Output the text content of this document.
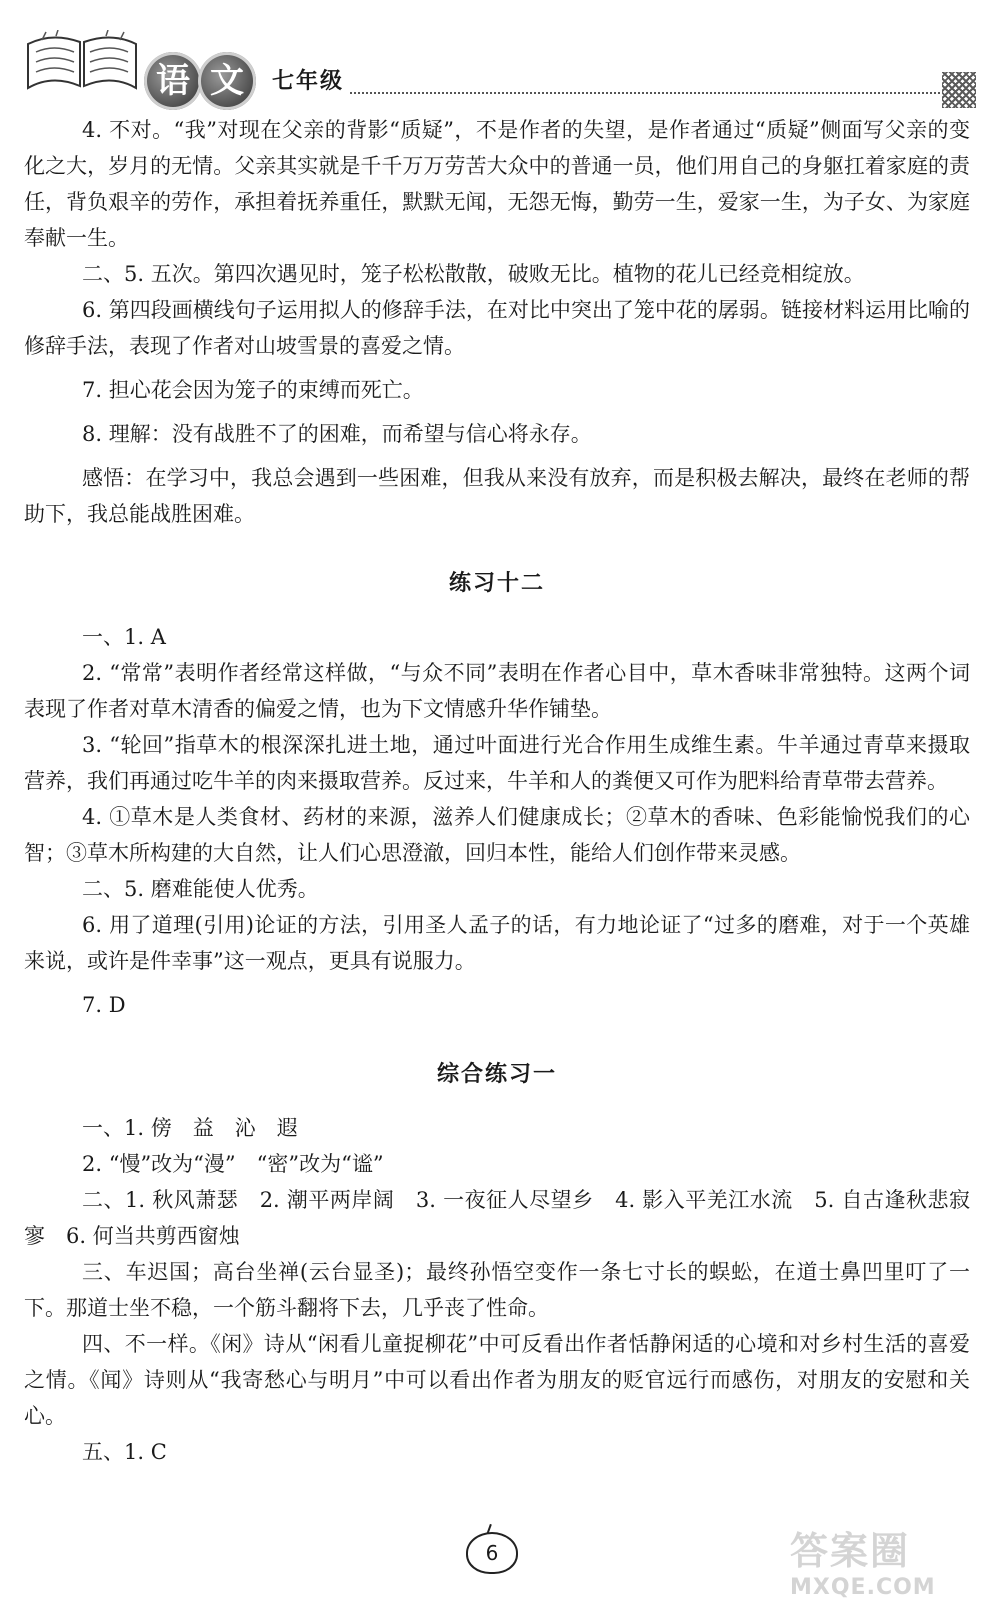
语 文	七年级

4. 不对。“我”对现在父亲的背影“质疑”，不是作者的失望，是作者通过“质疑”侧面写父亲的变化之大，岁月的无情。父亲其实就是千千万万劳苦大众中的普通一员，他们用自己的身躯扛着家庭的责任，背负艰辛的劳作，承担着抚养重任，默默无闻，无怨无悔，勤劳一生，爱家一生，为子女、为家庭奉献一生。

二、5. 五次。第四次遇见时，笼子松松散散，破败无比。植物的花儿已经竞相绽放。

6. 第四段画横线句子运用拟人的修辞手法，在对比中突出了笼中花的孱弱。链接材料运用比喻的修辞手法，表现了作者对山坡雪景的喜爱之情。

7. 担心花会因为笼子的束缚而死亡。

8. 理解：没有战胜不了的困难，而希望与信心将永存。

感悟：在学习中，我总会遇到一些困难，但我从来没有放弃，而是积极去解决，最终在老师的帮助下，我总能战胜困难。

练习十二

一、1. A

2. “常常”表明作者经常这样做，“与众不同”表明在作者心目中，草木香味非常独特。这两个词表现了作者对草木清香的偏爱之情，也为下文情感升华作铺垫。

3. “轮回”指草木的根深深扎进土地，通过叶面进行光合作用生成维生素。牛羊通过青草来摄取营养，我们再通过吃牛羊的肉来摄取营养。反过来，牛羊和人的粪便又可作为肥料给青草带去营养。

4. ①草木是人类食材、药材的来源，滋养人们健康成长；②草木的香味、色彩能愉悦我们的心智；③草木所构建的大自然，让人们心思澄澈，回归本性，能给人们创作带来灵感。

二、5. 磨难能使人优秀。

6. 用了道理(引用)论证的方法，引用圣人孟子的话，有力地论证了“过多的磨难，对于一个英雄来说，或许是件幸事”这一观点，更具有说服力。

7. D

综合练习一

一、1. 傍　益　沁　遐

2. “慢”改为“漫”　“密”改为“谧”

二、1. 秋风萧瑟　2. 潮平两岸阔　3. 一夜征人尽望乡　4. 影入平羌江水流　5. 自古逢秋悲寂寥　6. 何当共剪西窗烛

三、车迟国；高台坐禅(云台显圣)；最终孙悟空变作一条七寸长的蜈蚣，在道士鼻凹里叮了一下。那道士坐不稳，一个筋斗翻将下去，几乎丧了性命。

四、不一样。《闲》诗从“闲看儿童捉柳花”中可反看出作者恬静闲适的心境和对乡村生活的喜爱之情。《闻》诗则从“我寄愁心与明月”中可以看出作者为朋友的贬官远行而感伤，对朋友的安慰和关心。

五、1. C

6	答案圈
MXQE.COM
